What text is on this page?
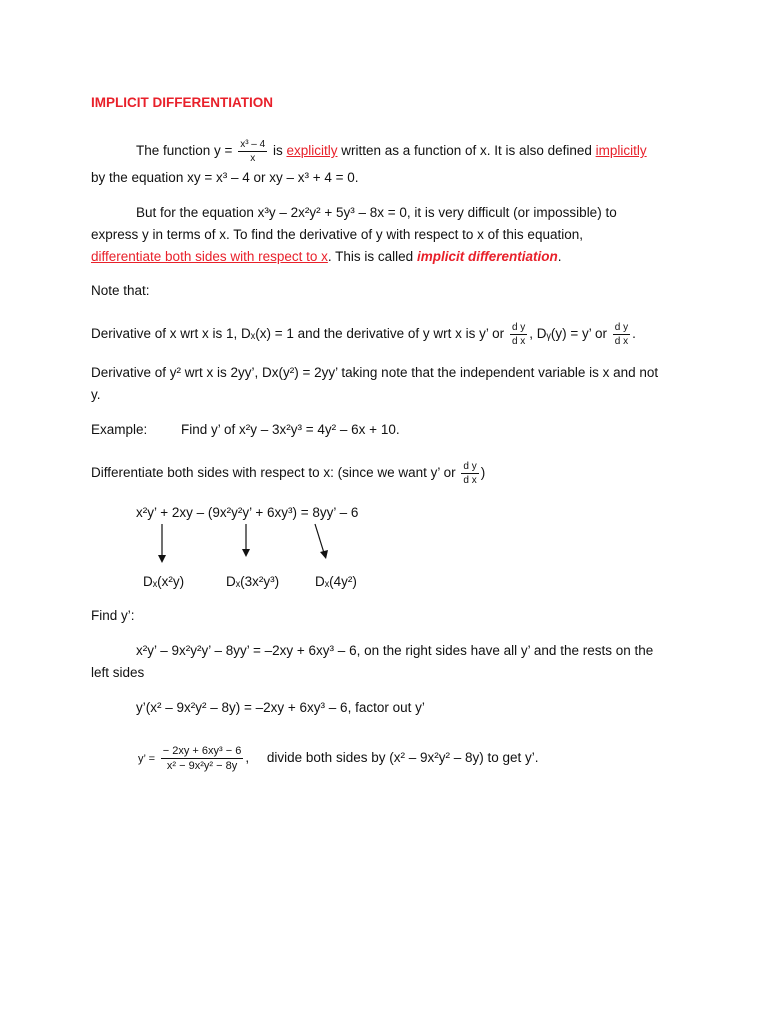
IMPLICIT DIFFERENTIATION
The function $y = \frac{\text{x³ – 4}}{x}$ is explicitly written as a function of x. It is also defined implicitly
by the equation xy = x³ – 4 or xy – x³ + 4 = 0.
But for the equation x³y – 2x²y² + 5y³ – 8x = 0, it is very difficult (or impossible) to
express y in terms of x. To find the derivative of y with respect to x of this equation,
differentiate both sides with respect to x. This is called implicit differentiation.
Note that:
Derivative of x wrt x is 1, Dₓ(x) = 1 and the derivative of y wrt x is y’ or $\frac{\text{d y}}{\text{d x}}$ , Dᵧ(y) = y’ or $\frac{\text{d y}}{\text{d x}}$ .
Derivative of y² wrt x is 2yy’, Dx(y²) = 2yy’ taking note that the independent variable is x and not
y.
Example: Find y’ of x²y – 3x²y³ = 4y² – 6x + 10.
Differentiate both sides with respect to x: (since we want y’ or $\frac{\text{d y}}{\text{d x}}$ )
x²y’ + 2xy – (9x²y²y’ + 6xy³) = 8yy’ – 6
Dₓ(x²y)	Dₓ(3x²y³)	Dₓ(4y²)
Find y’:
x²y’ – 9x²y²y’ – 8yy’ = –2xy + 6xy³ – 6, on the right sides have all y’ and the rests on the
left sides
y’(x² – 9x²y² – 8y) = –2xy + 6xy³ – 6, factor out y’
y’ = $\frac{\text{− 2xy + 6xy³ − 6}}{\text{x² − 9x²y² − 8y}}$ , divide both sides by (x² – 9x²y² – 8y) to get y’.
